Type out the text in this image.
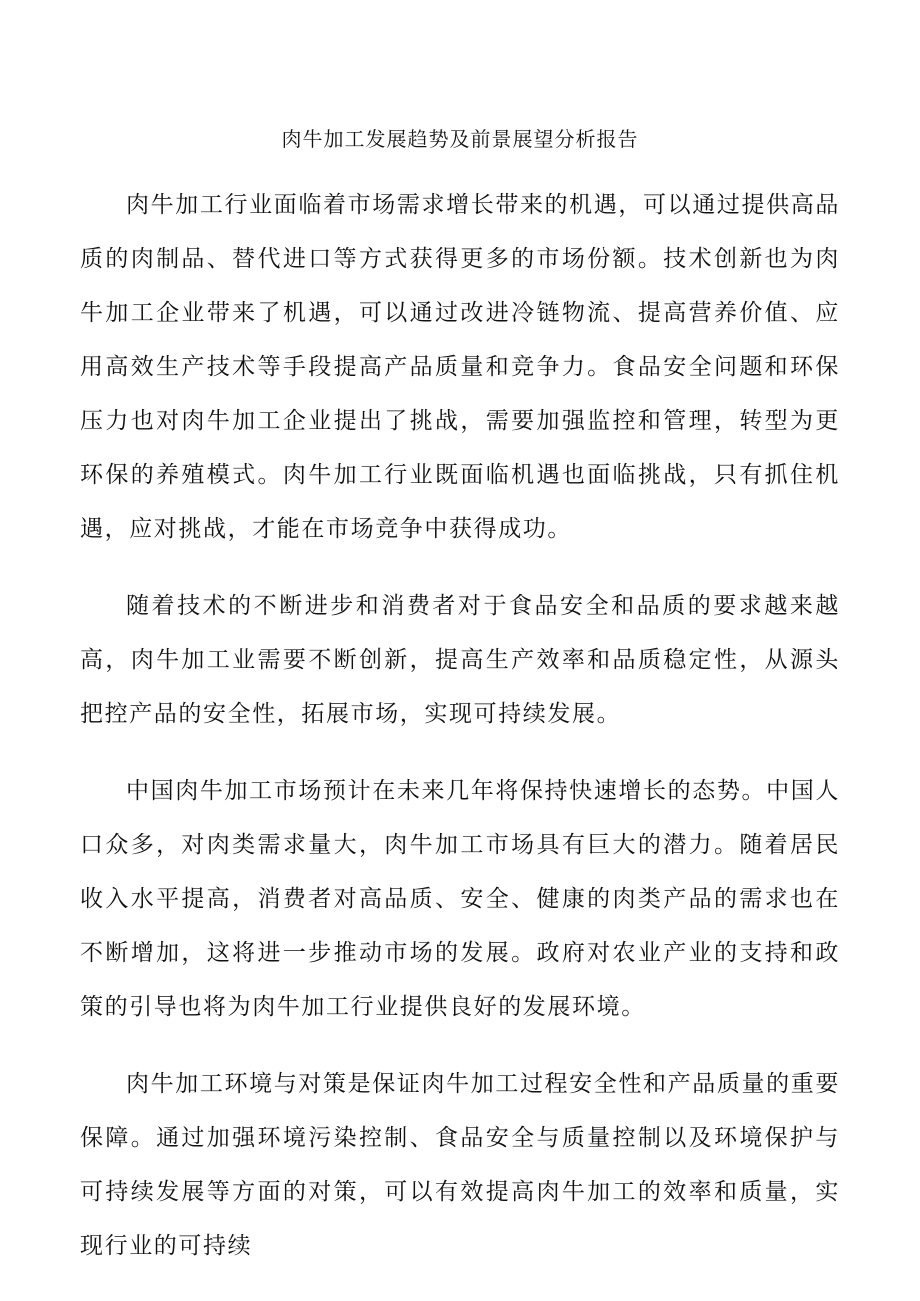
肉牛加工发展趋势及前景展望分析报告

肉牛加工行业面临着市场需求增长带来的机遇，可以通过提供高品质的肉制品、替代进口等方式获得更多的市场份额。技术创新也为肉牛加工企业带来了机遇，可以通过改进冷链物流、提高营养价值、应用高效生产技术等手段提高产品质量和竞争力。食品安全问题和环保压力也对肉牛加工企业提出了挑战，需要加强监控和管理，转型为更环保的养殖模式。肉牛加工行业既面临机遇也面临挑战，只有抓住机遇，应对挑战，才能在市场竞争中获得成功。

随着技术的不断进步和消费者对于食品安全和品质的要求越来越高，肉牛加工业需要不断创新，提高生产效率和品质稳定性，从源头把控产品的安全性，拓展市场，实现可持续发展。

中国肉牛加工市场预计在未来几年将保持快速增长的态势。中国人口众多，对肉类需求量大，肉牛加工市场具有巨大的潜力。随着居民收入水平提高，消费者对高品质、安全、健康的肉类产品的需求也在不断增加，这将进一步推动市场的发展。政府对农业产业的支持和政策的引导也将为肉牛加工行业提供良好的发展环境。

肉牛加工环境与对策是保证肉牛加工过程安全性和产品质量的重要保障。通过加强环境污染控制、食品安全与质量控制以及环境保护与可持续发展等方面的对策，可以有效提高肉牛加工的效率和质量，实现行业的可持续
